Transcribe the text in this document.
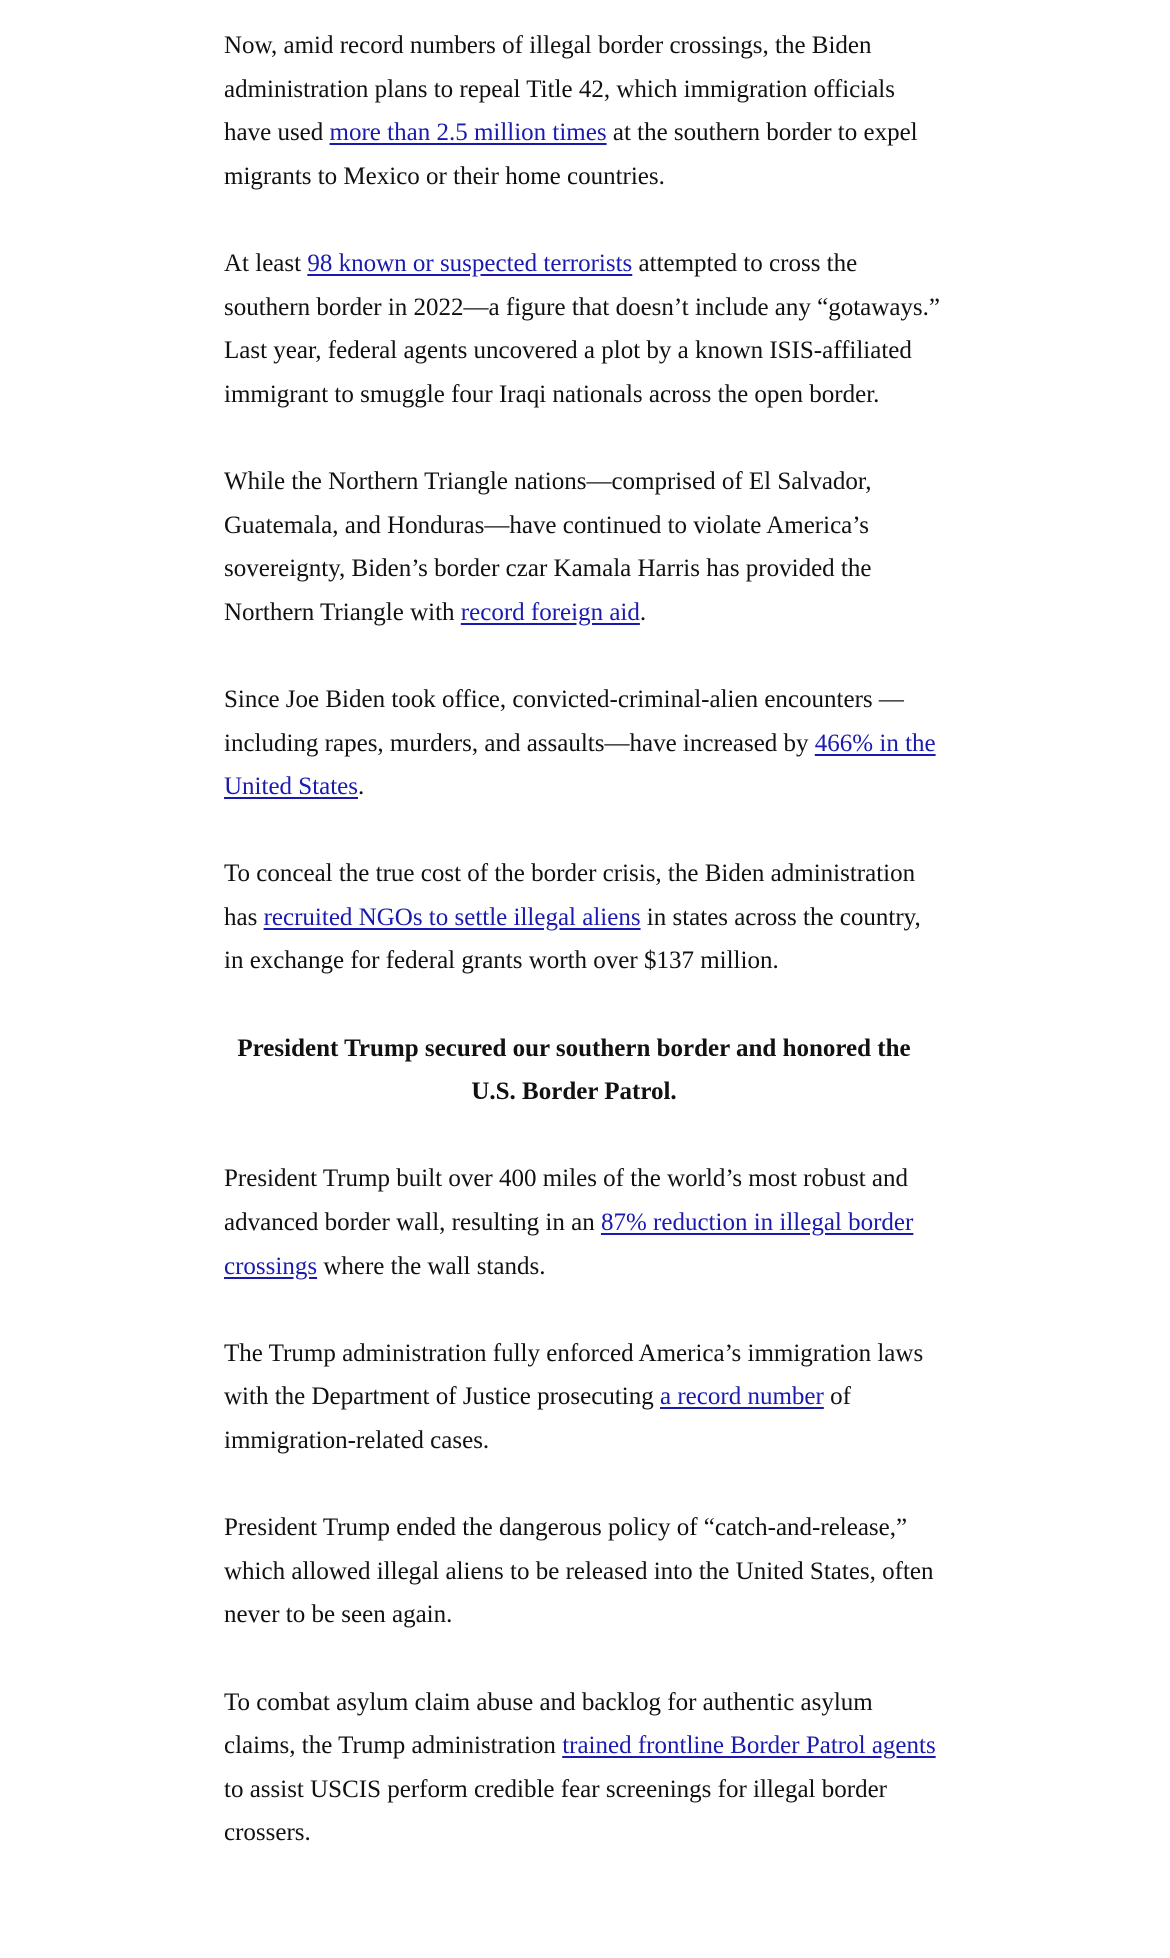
Now, amid record numbers of illegal border crossings, the Biden administration plans to repeal Title 42, which immigration officials have used more than 2.5 million times at the southern border to expel migrants to Mexico or their home countries.

At least 98 known or suspected terrorists attempted to cross the southern border in 2022—a figure that doesn’t include any “gotaways.” Last year, federal agents uncovered a plot by a known ISIS-affiliated immigrant to smuggle four Iraqi nationals across the open border.

While the Northern Triangle nations—comprised of El Salvador, Guatemala, and Honduras—have continued to violate America’s sovereignty, Biden’s border czar Kamala Harris has provided the Northern Triangle with record foreign aid.

Since Joe Biden took office, convicted-criminal-alien encounters —including rapes, murders, and assaults—have increased by 466% in the United States.

To conceal the true cost of the border crisis, the Biden administration has recruited NGOs to settle illegal aliens in states across the country, in exchange for federal grants worth over $137 million.

President Trump secured our southern border and honored the U.S. Border Patrol.

President Trump built over 400 miles of the world’s most robust and advanced border wall, resulting in an 87% reduction in illegal border crossings where the wall stands.

The Trump administration fully enforced America’s immigration laws with the Department of Justice prosecuting a record number of immigration-related cases.

President Trump ended the dangerous policy of “catch-and-release,” which allowed illegal aliens to be released into the United States, often never to be seen again.

To combat asylum claim abuse and backlog for authentic asylum claims, the Trump administration trained frontline Border Patrol agents to assist USCIS perform credible fear screenings for illegal border crossers.
